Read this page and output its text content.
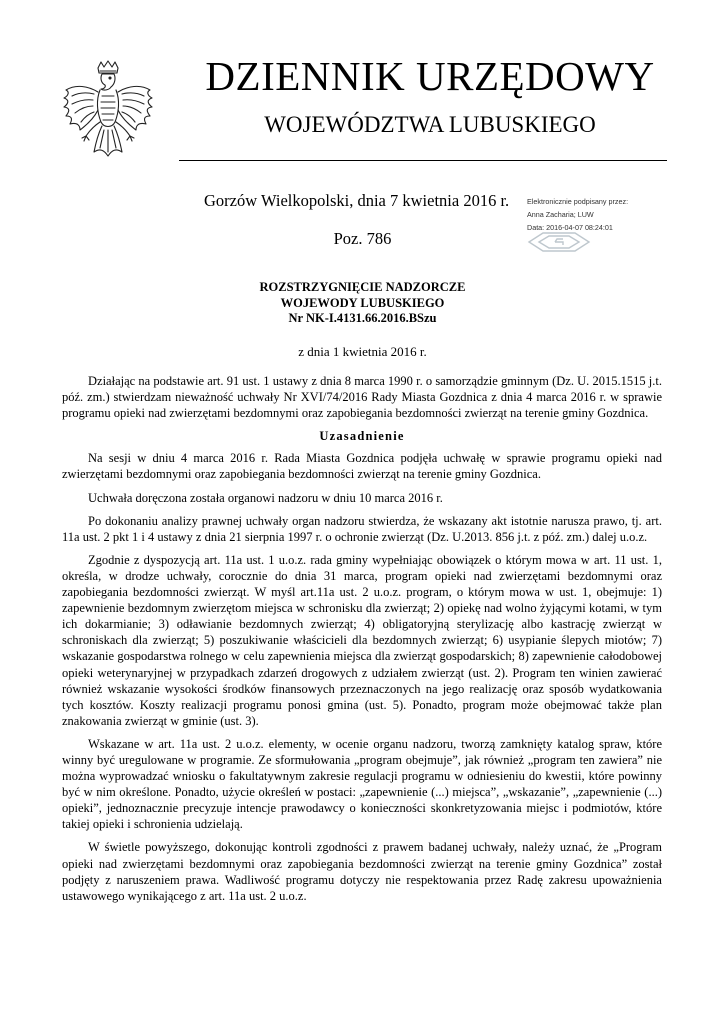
DZIENNIK URZĘDOWY
WOJEWÓDZTWA LUBUSKIEGO
Gorzów Wielkopolski, dnia 7 kwietnia 2016 r.
Poz. 786
Elektronicznie podpisany przez:
Anna Zacharia; LUW
Data: 2016-04-07 08:24:01
ROZSTRZYGNIĘCIE NADZORCZE
WOJEWODY LUBUSKIEGO
Nr NK-I.4131.66.2016.BSzu
z dnia 1 kwietnia 2016 r.

Działając na podstawie art. 91 ust. 1 ustawy z dnia 8 marca 1990 r. o samorządzie gminnym (Dz. U. 2015.1515 j.t. póź. zm.) stwierdzam nieważność uchwały Nr XVI/74/2016 Rady Miasta Gozdnica z dnia 4 marca 2016 r. w sprawie programu opieki nad zwierzętami bezdomnymi oraz zapobiegania bezdomności zwierząt na terenie gminy Gozdnica.

Uzasadnienie

Na sesji w dniu 4 marca 2016 r. Rada Miasta Gozdnica podjęła uchwałę w sprawie programu opieki nad zwierzętami bezdomnymi oraz zapobiegania bezdomności zwierząt na terenie gminy Gozdnica.

Uchwała doręczona została organowi nadzoru w dniu 10 marca 2016 r.

Po dokonaniu analizy prawnej uchwały organ nadzoru stwierdza, że wskazany akt istotnie narusza prawo, tj. art. 11a ust. 2 pkt 1 i 4 ustawy z dnia 21 sierpnia 1997 r. o ochronie zwierząt (Dz. U.2013. 856 j.t. z póź. zm.) dalej u.o.z.

Zgodnie z dyspozycją art. 11a ust. 1 u.o.z. rada gminy wypełniając obowiązek o którym mowa w art. 11 ust. 1, określa, w drodze uchwały, corocznie do dnia 31 marca, program opieki nad zwierzętami bezdomnymi oraz zapobiegania bezdomności zwierząt. W myśl art.11a ust. 2 u.o.z. program, o którym mowa w ust. 1, obejmuje: 1) zapewnienie bezdomnym zwierzętom miejsca w schronisku dla zwierząt; 2) opiekę nad wolno żyjącymi kotami, w tym ich dokarmianie; 3) odławianie bezdomnych zwierząt; 4) obligatoryjną sterylizację albo kastrację zwierząt w schroniskach dla zwierząt; 5) poszukiwanie właścicieli dla bezdomnych zwierząt; 6) usypianie ślepych miotów; 7) wskazanie gospodarstwa rolnego w celu zapewnienia miejsca dla zwierząt gospodarskich; 8) zapewnienie całodobowej opieki weterynaryjnej w przypadkach zdarzeń drogowych z udziałem zwierząt (ust. 2). Program ten winien zawierać również wskazanie wysokości środków finansowych przeznaczonych na jego realizację oraz sposób wydatkowania tych kosztów. Koszty realizacji programu ponosi gmina (ust. 5). Ponadto, program może obejmować także plan znakowania zwierząt w gminie (ust. 3).

Wskazane w art. 11a ust. 2 u.o.z. elementy, w ocenie organu nadzoru, tworzą zamknięty katalog spraw, które winny być uregulowane w programie. Ze sformułowania „program obejmuje”, jak również „program ten zawiera” nie można wyprowadzać wniosku o fakultatywnym zakresie regulacji programu w odniesieniu do kwestii, które powinny być w nim określone. Ponadto, użycie określeń w postaci: „zapewnienie (...) miejsca”, „wskazanie”, „zapewnienie (...) opieki”, jednoznacznie precyzuje intencje prawodawcy o konieczności skonkretyzowania miejsc i podmiotów, które takiej opieki i schronienia udzielają.

W świetle powyższego, dokonując kontroli zgodności z prawem badanej uchwały, należy uznać, że „Program opieki nad zwierzętami bezdomnymi oraz zapobiegania bezdomności zwierząt na terenie gminy Gozdnica” został podjęty z naruszeniem prawa. Wadliwość programu dotyczy nie respektowania przez Radę zakresu upoważnienia ustawowego wynikającego z art. 11a ust. 2 u.o.z.
